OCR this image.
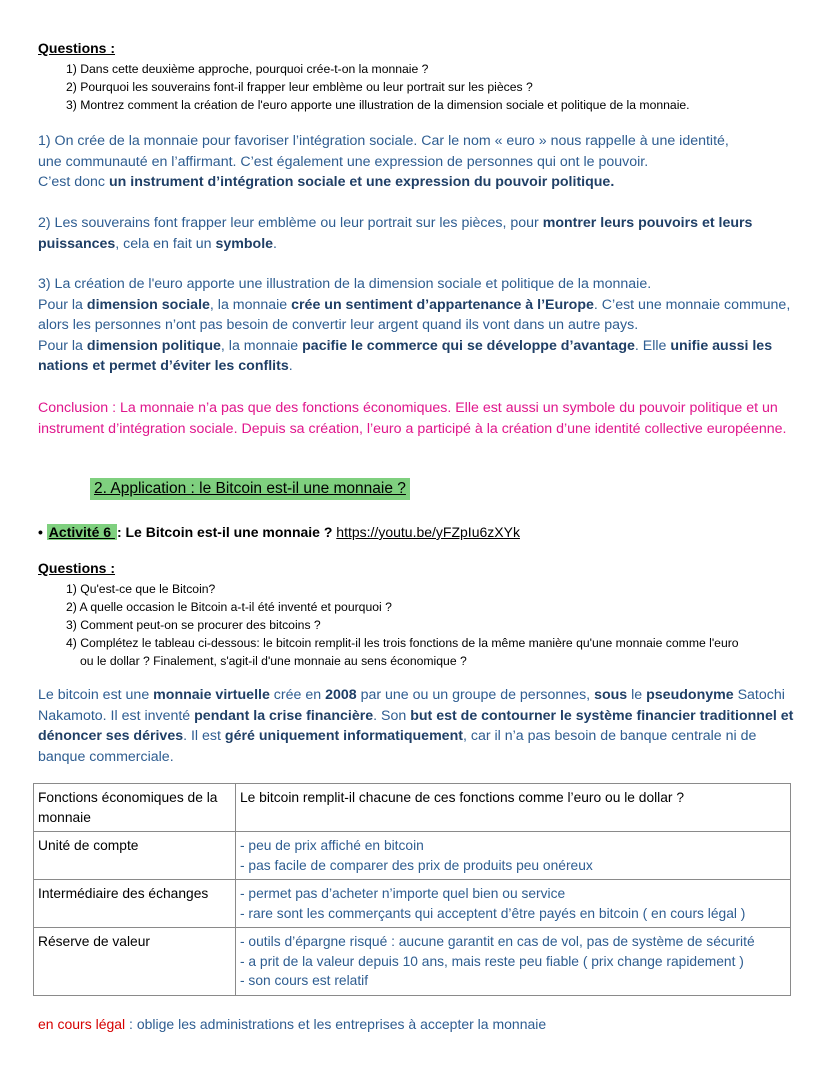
Questions :
1) Dans cette deuxième approche, pourquoi crée-t-on la monnaie ?
2) Pourquoi les souverains font-il frapper leur emblème ou leur portrait sur les pièces ?
3) Montrez comment la création de l'euro apporte une illustration de la dimension sociale et politique de la monnaie.
1) On crée de la monnaie pour favoriser l’intégration sociale. Car le nom « euro » nous rappelle à une identité,
une communauté en l’affirmant. C’est également une expression de personnes qui ont le pouvoir.
C’est donc un instrument d’intégration sociale et une expression du pouvoir politique.
2) Les souverains font frapper leur emblème ou leur portrait sur les pièces, pour montrer leurs pouvoirs et leurs puissances, cela en fait un symbole.
3) La création de l'euro apporte une illustration de la dimension sociale et politique de la monnaie.
Pour la dimension sociale, la monnaie crée un sentiment d’appartenance à l’Europe. C’est une monnaie commune, alors les personnes n’ont pas besoin de convertir leur argent quand ils vont dans un autre pays.
Pour la dimension politique, la monnaie pacifie le commerce qui se développe d’avantage. Elle unifie aussi les nations et permet d’éviter les conflits.
Conclusion : La monnaie n’a pas que des fonctions économiques. Elle est aussi un symbole du pouvoir politique et un instrument d’intégration sociale. Depuis sa création, l’euro a participé à la création d’une identité collective européenne.
2. Application : le Bitcoin est-il une monnaie ?
• Activité 6 : Le Bitcoin est-il une monnaie ? https://youtu.be/yFZpIu6zXYk
Questions :
1) Qu'est-ce que le Bitcoin?
2) A quelle occasion le Bitcoin a-t-il été inventé et pourquoi ?
3) Comment peut-on se procurer des bitcoins ?
4) Complétez le tableau ci-dessous: le bitcoin remplit-il les trois fonctions de la même manière qu'une monnaie comme l'euro
ou le dollar ? Finalement, s'agit-il d'une monnaie au sens économique ?
Le bitcoin est une monnaie virtuelle crée en 2008 par une ou un groupe de personnes, sous le pseudonyme Satochi Nakamoto. Il est inventé pendant la crise financière. Son but est de contourner le système financier traditionnel et dénoncer ses dérives. Il est géré uniquement informatiquement, car il n’a pas besoin de banque centrale ni de banque commerciale.
Fonctions économiques de la monnaie	Le bitcoin remplit-il chacune de ces fonctions comme l’euro ou le dollar ?
Unité de compte	- peu de prix affiché en bitcoin
- pas facile de comparer des prix de produits peu onéreux

Intermédiaire des échanges	- permet pas d’acheter n’importe quel bien ou service
- rare sont les commerçants qui acceptent d’être payés en bitcoin ( en cours légal )

Réserve de valeur	- outils d’épargne risqué : aucune garantit en cas de vol, pas de système de sécurité
- a prit de la valeur depuis 10 ans, mais reste peu fiable ( prix change rapidement )
- son cours est relatif
en cours légal : oblige les administrations et les entreprises à accepter la monnaie
